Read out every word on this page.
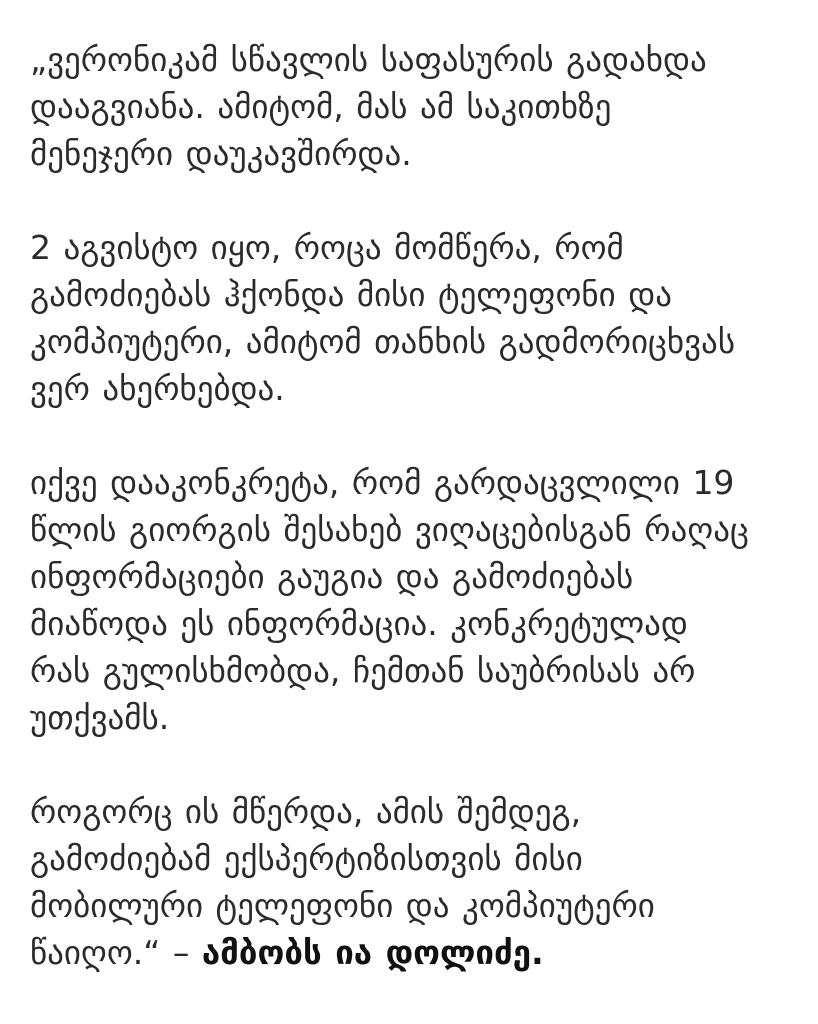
„ვერონიკამ სწავლის საფასურის გადახდა
დააგვიანა. ამიტომ, მას ამ საკითხზე
მენეჯერი დაუკავშირდა.

2 აგვისტო იყო, როცა მომწერა, რომ
გამოძიებას ჰქონდა მისი ტელეფონი და
კომპიუტერი, ამიტომ თანხის გადმორიცხვას
ვერ ახერხებდა.

იქვე დააკონკრეტა, რომ გარდაცვლილი 19
წლის გიორგის შესახებ ვიღაცებისგან რაღაც
ინფორმაციები გაუგია და გამოძიებას
მიაწოდა ეს ინფორმაცია. კონკრეტულად
რას გულისხმობდა, ჩემთან საუბრისას არ
უთქვამს.

როგორც ის მწერდა, ამის შემდეგ,
გამოძიებამ ექსპერტიზისთვის მისი
მობილური ტელეფონი და კომპიუტერი
წაიღო.“ – ამბობს ია დოლიძე.
